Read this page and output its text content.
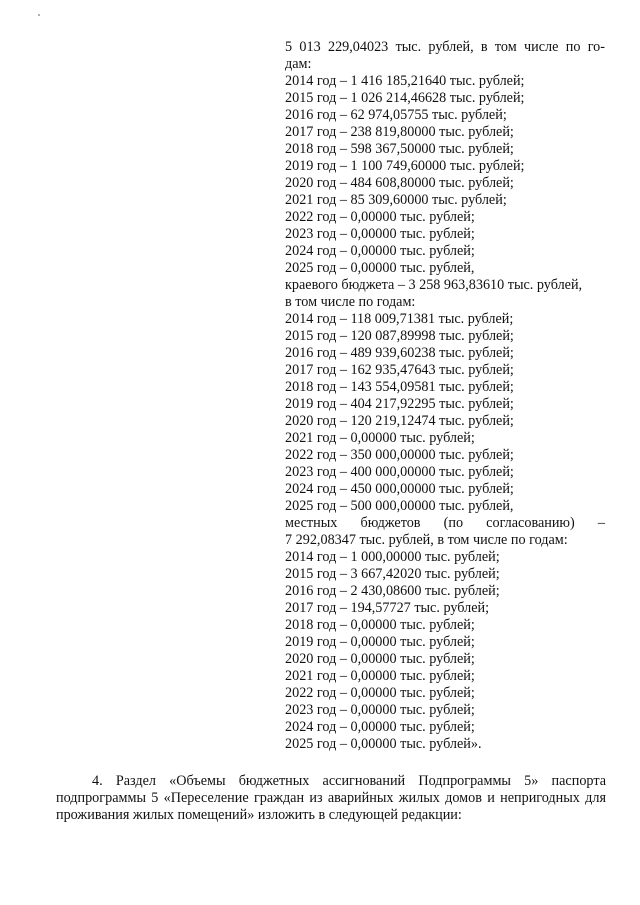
5 013 229,04023 тыс. рублей, в том числе по го-
дам:
2014 год – 1 416 185,21640 тыс. рублей;
2015 год – 1 026 214,46628 тыс. рублей;
2016 год – 62 974,05755 тыс. рублей;
2017 год – 238 819,80000 тыс. рублей;
2018 год – 598 367,50000 тыс. рублей;
2019 год – 1 100 749,60000 тыс. рублей;
2020 год – 484 608,80000 тыс. рублей;
2021 год – 85 309,60000 тыс. рублей;
2022 год – 0,00000 тыс. рублей;
2023 год – 0,00000 тыс. рублей;
2024 год – 0,00000 тыс. рублей;
2025 год – 0,00000 тыс. рублей,
краевого бюджета – 3 258 963,83610 тыс. рублей,
в том числе по годам:
2014 год – 118 009,71381 тыс. рублей;
2015 год – 120 087,89998 тыс. рублей;
2016 год – 489 939,60238 тыс. рублей;
2017 год – 162 935,47643 тыс. рублей;
2018 год – 143 554,09581 тыс. рублей;
2019 год – 404 217,92295 тыс. рублей;
2020 год – 120 219,12474 тыс. рублей;
2021 год – 0,00000 тыс. рублей;
2022 год – 350 000,00000 тыс. рублей;
2023 год – 400 000,00000 тыс. рублей;
2024 год – 450 000,00000 тыс. рублей;
2025 год – 500 000,00000 тыс. рублей,
местных бюджетов (по согласованию) –
7 292,08347 тыс. рублей, в том числе по годам:
2014 год – 1 000,00000 тыс. рублей;
2015 год – 3 667,42020 тыс. рублей;
2016 год – 2 430,08600 тыс. рублей;
2017 год – 194,57727 тыс. рублей;
2018 год – 0,00000 тыс. рублей;
2019 год – 0,00000 тыс. рублей;
2020 год – 0,00000 тыс. рублей;
2021 год – 0,00000 тыс. рублей;
2022 год – 0,00000 тыс. рублей;
2023 год – 0,00000 тыс. рублей;
2024 год – 0,00000 тыс. рублей;
2025 год – 0,00000 тыс. рублей».

4. Раздел «Объемы бюджетных ассигнований Подпрограммы 5» паспорта подпрограммы 5 «Переселение граждан из аварийных жилых домов и непригодных для проживания жилых помещений» изложить в следующей редакции:
